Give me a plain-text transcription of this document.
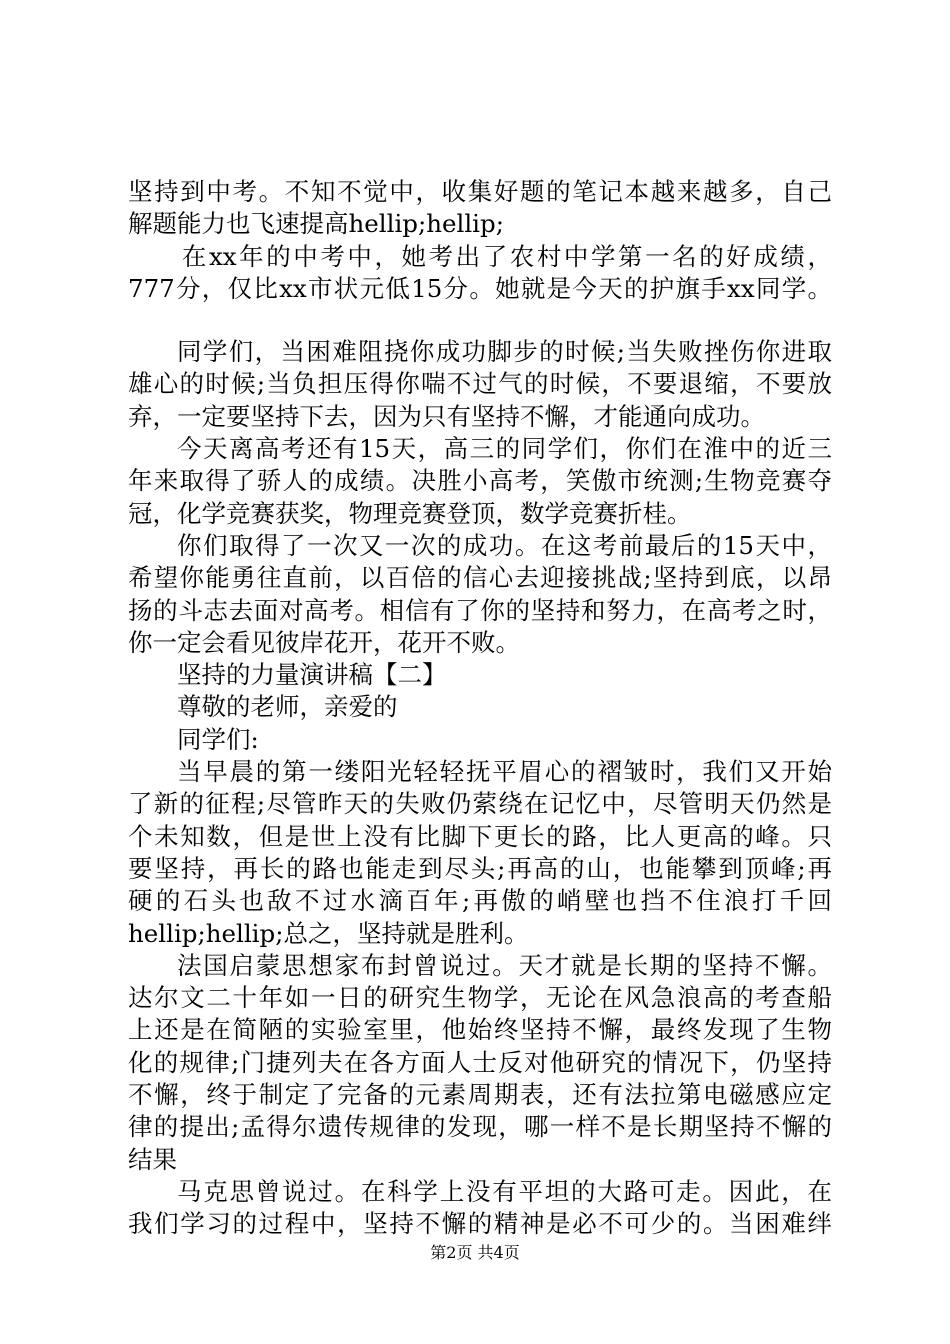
坚持到中考。不知不觉中，收集好题的笔记本越来越多，自己
解题能力也飞速提高hellip;hellip;
在xx年的中考中，她考出了农村中学第一名的好成绩，
777分，仅比xx市状元低15分。她就是今天的护旗手xx同学。
同学们，当困难阻挠你成功脚步的时候;当失败挫伤你进取
雄心的时候;当负担压得你喘不过气的时候，不要退缩，不要放
弃，一定要坚持下去，因为只有坚持不懈，才能通向成功。
今天离高考还有15天，高三的同学们，你们在淮中的近三
年来取得了骄人的成绩。决胜小高考，笑傲市统测;生物竞赛夺
冠，化学竞赛获奖，物理竞赛登顶，数学竞赛折桂。
你们取得了一次又一次的成功。在这考前最后的15天中，
希望你能勇往直前，以百倍的信心去迎接挑战;坚持到底，以昂
扬的斗志去面对高考。相信有了你的坚持和努力，在高考之时，
你一定会看见彼岸花开，花开不败。
坚持的力量演讲稿【二】
尊敬的老师，亲爱的
同学们:
当早晨的第一缕阳光轻轻抚平眉心的褶皱时，我们又开始
了新的征程;尽管昨天的失败仍萦绕在记忆中，尽管明天仍然是
个未知数，但是世上没有比脚下更长的路，比人更高的峰。只
要坚持，再长的路也能走到尽头;再高的山，也能攀到顶峰;再
硬的石头也敌不过水滴百年;再傲的峭壁也挡不住浪打千回
hellip;hellip;总之，坚持就是胜利。
法国启蒙思想家布封曾说过。天才就是长期的坚持不懈。
达尔文二十年如一日的研究生物学，无论在风急浪高的考查船
上还是在简陋的实验室里，他始终坚持不懈，最终发现了生物
化的规律;门捷列夫在各方面人士反对他研究的情况下，仍坚持
不懈，终于制定了完备的元素周期表，还有法拉第电磁感应定
律的提出;孟得尔遗传规律的发现，哪一样不是长期坚持不懈的
结果
马克思曾说过。在科学上没有平坦的大路可走。因此，在
我们学习的过程中，坚持不懈的精神是必不可少的。当困难绊
第2页 共4页
